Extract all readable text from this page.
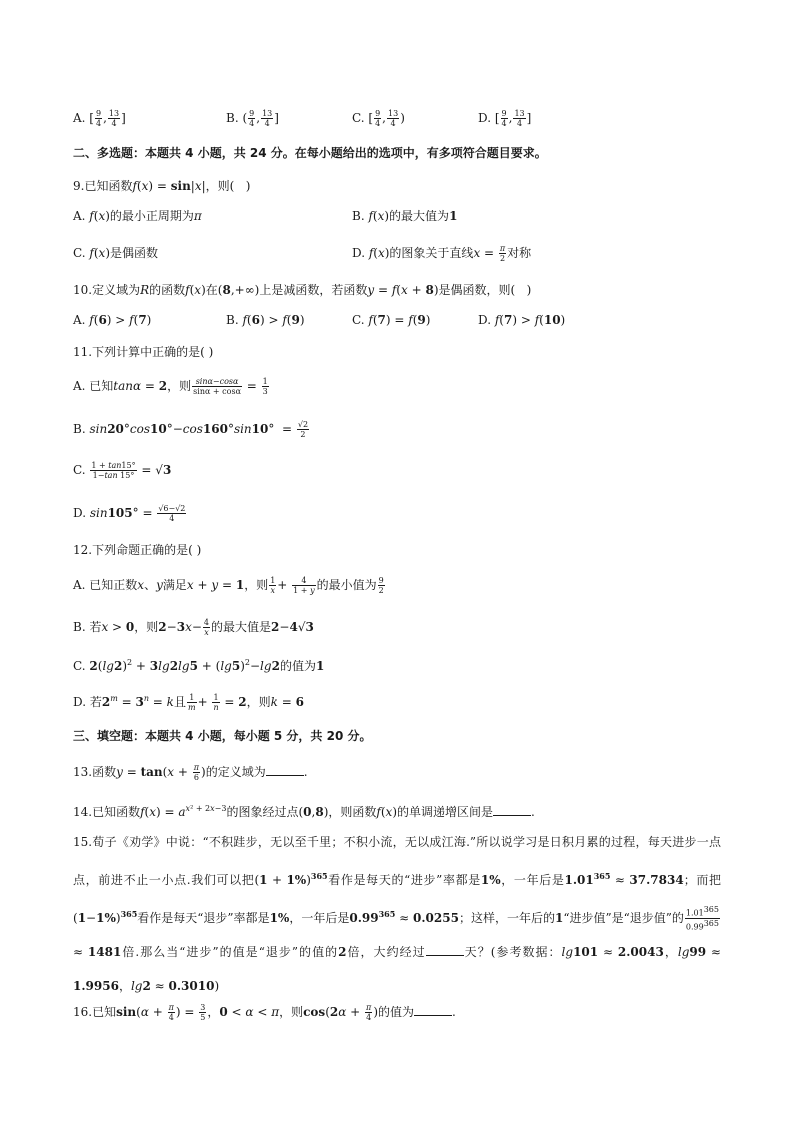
A. [ $\frac{9}{4}$ , $\frac{13}{4}$ ]	B. ( $\frac{9}{4}$ , $\frac{13}{4}$ ]	C. [ $\frac{9}{4}$ , $\frac{13}{4}$ )	D. [ $\frac{9}{4}$ , $\frac{13}{4}$ ]
二、多选题：本题共 4 小题，共 24 分。在每小题给出的选项中，有多项符合题目要求。
9.已知函数f(x) = sin|x|，则(   )
A. f(x)的最小正周期为π	B. f(x)的最大值为1
C. f(x)是偶函数	D. f(x)的图象关于直线$x = \frac{\pi}{2}$ 对称
10.定义域为R的函数f(x)在(8,+∞)上是减函数，若函数y = f(x + 8)是偶函数，则(   )
A. f(6) > f(7)	B. f(6) > f(9)	C. f(7) = f(9)	D. f(7) > f(10)
11.下列计算中正确的是( )
A. 已知tanα = 2，则 $\frac{\sin\alpha-\cos\alpha}{\sin\alpha + \cos\alpha} = \frac{1}{3}$
B. $\sin 20^\circ\cos 10^\circ-\cos 160^\circ\sin 10^\circ = \frac{√2}{2}$
C. $\frac{1 + \tan 15^\circ}{1-\tan 15^\circ} = √3$
D. $\sin 105^\circ = \frac{√6-√2}{4}$
12.下列命题正确的是( )
A. 已知正数x、y满足x + y = 1，则 $\frac{1}{x} + \frac{4}{1 + y}$ 的最小值为 $\frac{9}{2}$
B. 若x > 0，则$2-3x- \frac{4}{x}$ 的最大值是2−4√3
C. $2(\lg 2)^2 + 3\lg 2\lg 5 + (\lg 5)^2-\lg 2$的值为1
D. 若$2^m = 3^n = k$且 $\frac{1}{m} + \frac{1}{n} = 2$，则k = 6
三、填空题：本题共 4 小题，每小题 5 分，共 20 分。
13.函数$y = \tan(x + \frac{\pi}{6}$ )的定义域为	.
14.已知函数$f(x) = a^{x^2 + 2x-3}$的图象经过点(0,8)，则函数f(x)的单调递增区间是	.
15.荀子《劝学》中说：“不积跬步，无以至千里；不积小流，无以成江海.”所以说学习是日积月累的过程，每天进步一点点，前进不止一小点.我们可以把$(1 + 1\%)^{365}$看作是每天的“进步”率都是1%，一年后是$1.01^{365} \approx 37.7834$；而把$(1-1\%)^{365}$看作是每天“退步”率都是1%，一年后是$0.99^{365} \approx 0.0255$；这样，一年后的1“进步值”是“退步值”的 $\frac{1.01^{365}}{0.99^{365}}$
≈ 1481倍.那么当“进步”的值是“退步”的值的2倍，大约经过	天？(参考数据：lg101 ≈ 2.0043，lg99 ≈ 1.9956，lg2 ≈ 0.3010)
16.已知$\sin(\alpha + \frac{\pi}{4}$ ) = $\frac{3}{5}$ ，0 < α < π，则$\cos(2\alpha + \frac{\pi}{4}$ )的值为	.
